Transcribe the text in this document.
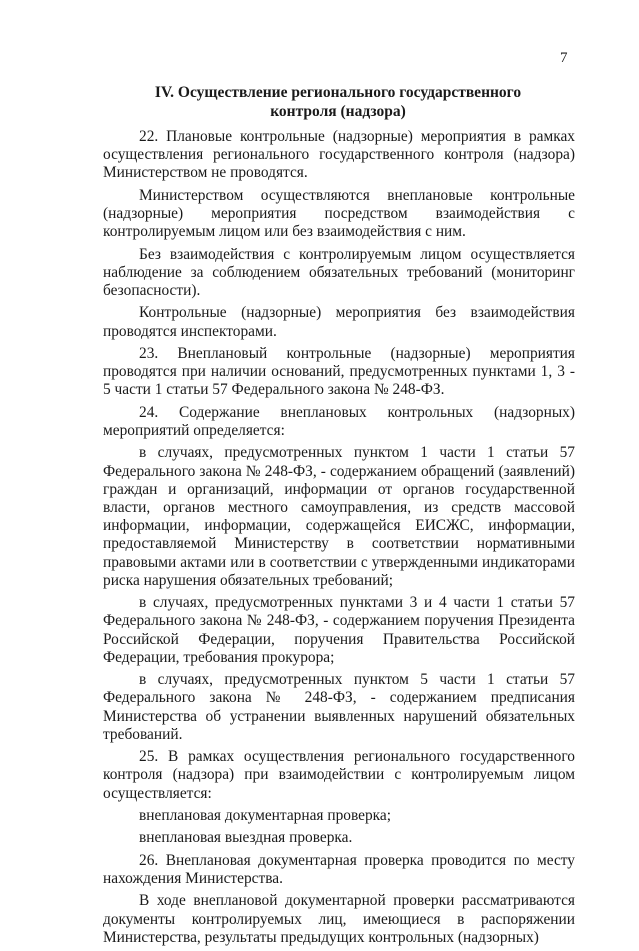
7
IV. Осуществление регионального государственного
контроля (надзора)

22. Плановые контрольные (надзорные) мероприятия в рамках осуществления регионального государственного контроля (надзора) Министерством не проводятся.

Министерством осуществляются внеплановые контрольные (надзорные) мероприятия посредством взаимодействия с контролируемым лицом или без взаимодействия с ним.

Без взаимодействия с контролируемым лицом осуществляется наблюдение за соблюдением обязательных требований (мониторинг безопасности).

Контрольные (надзорные) мероприятия без взаимодействия проводятся инспекторами.

23. Внеплановый контрольные (надзорные) мероприятия проводятся при наличии оснований, предусмотренных пунктами 1, 3 - 5 части 1 статьи 57 Федерального закона № 248-ФЗ.

24. Содержание внеплановых контрольных (надзорных) мероприятий определяется:

в случаях, предусмотренных пунктом 1 части 1 статьи 57 Федерального закона № 248-ФЗ, - содержанием обращений (заявлений) граждан и организаций, информации от органов государственной власти, органов местного самоуправления, из средств массовой информации, информации, содержащейся ЕИСЖС, информации, предоставляемой Министерству в соответствии нормативными правовыми актами или в соответствии с утвержденными индикаторами риска нарушения обязательных требований;

в случаях, предусмотренных пунктами 3 и 4 части 1 статьи 57 Федерального закона № 248-ФЗ, - содержанием поручения Президента Российской Федерации, поручения Правительства Российской Федерации, требования прокурора;

в случаях, предусмотренных пунктом 5 части 1 статьи 57 Федерального закона № 248-ФЗ, - содержанием предписания Министерства об устранении выявленных нарушений обязательных требований.

25. В рамках осуществления регионального государственного контроля (надзора) при взаимодействии с контролируемым лицом осуществляется:

внеплановая документарная проверка;

внеплановая выездная проверка.

26. Внеплановая документарная проверка проводится по месту нахождения Министерства.

В ходе внеплановой документарной проверки рассматриваются документы контролируемых лиц, имеющиеся в распоряжении Министерства, результаты предыдущих контрольных (надзорных)
